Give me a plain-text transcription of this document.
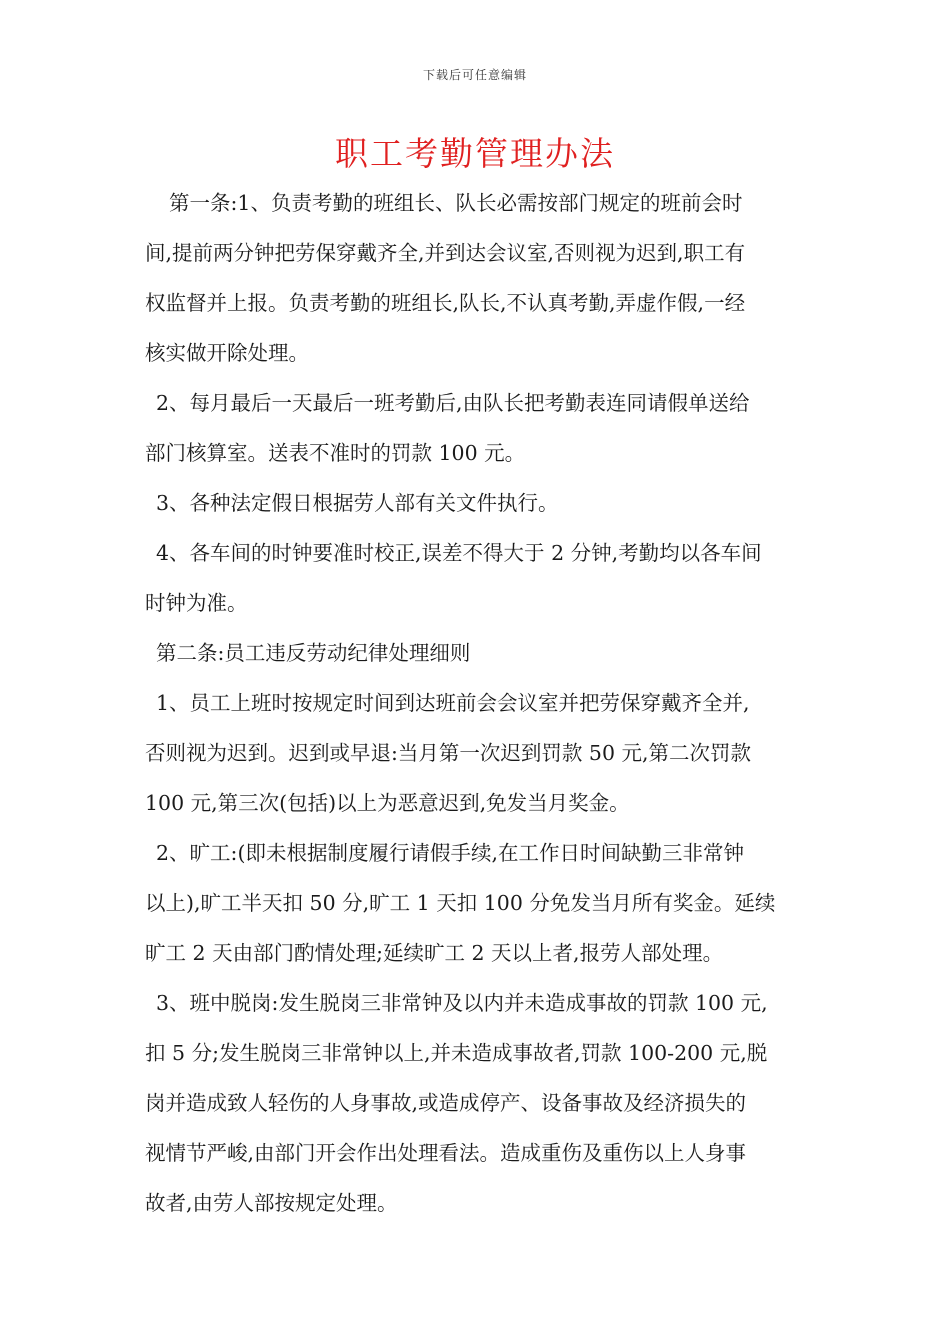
下载后可任意编辑
职工考勤管理办法
第一条:1、负责考勤的班组长、队长必需按部门规定的班前会时
间,提前两分钟把劳保穿戴齐全,并到达会议室,否则视为迟到,职工有
权监督并上报。负责考勤的班组长,队长,不认真考勤,弄虚作假,一经
核实做开除处理。
2、每月最后一天最后一班考勤后,由队长把考勤表连同请假单送给
部门核算室。送表不准时的罚款 100 元。
3、各种法定假日根据劳人部有关文件执行。
4、各车间的时钟要准时校正,误差不得大于 2 分钟,考勤均以各车间
时钟为准。
第二条:员工违反劳动纪律处理细则
1、员工上班时按规定时间到达班前会会议室并把劳保穿戴齐全并,
否则视为迟到。迟到或早退:当月第一次迟到罚款 50 元,第二次罚款
100 元,第三次(包括)以上为恶意迟到,免发当月奖金。
2、旷工:(即未根据制度履行请假手续,在工作日时间缺勤三非常钟
以上),旷工半天扣 50 分,旷工 1 天扣 100 分免发当月所有奖金。延续
旷工 2 天由部门酌情处理;延续旷工 2 天以上者,报劳人部处理。
3、班中脱岗:发生脱岗三非常钟及以内并未造成事故的罚款 100 元,
扣 5 分;发生脱岗三非常钟以上,并未造成事故者,罚款 100-200 元,脱
岗并造成致人轻伤的人身事故,或造成停产、设备事故及经济损失的
视情节严峻,由部门开会作出处理看法。造成重伤及重伤以上人身事
故者,由劳人部按规定处理。
